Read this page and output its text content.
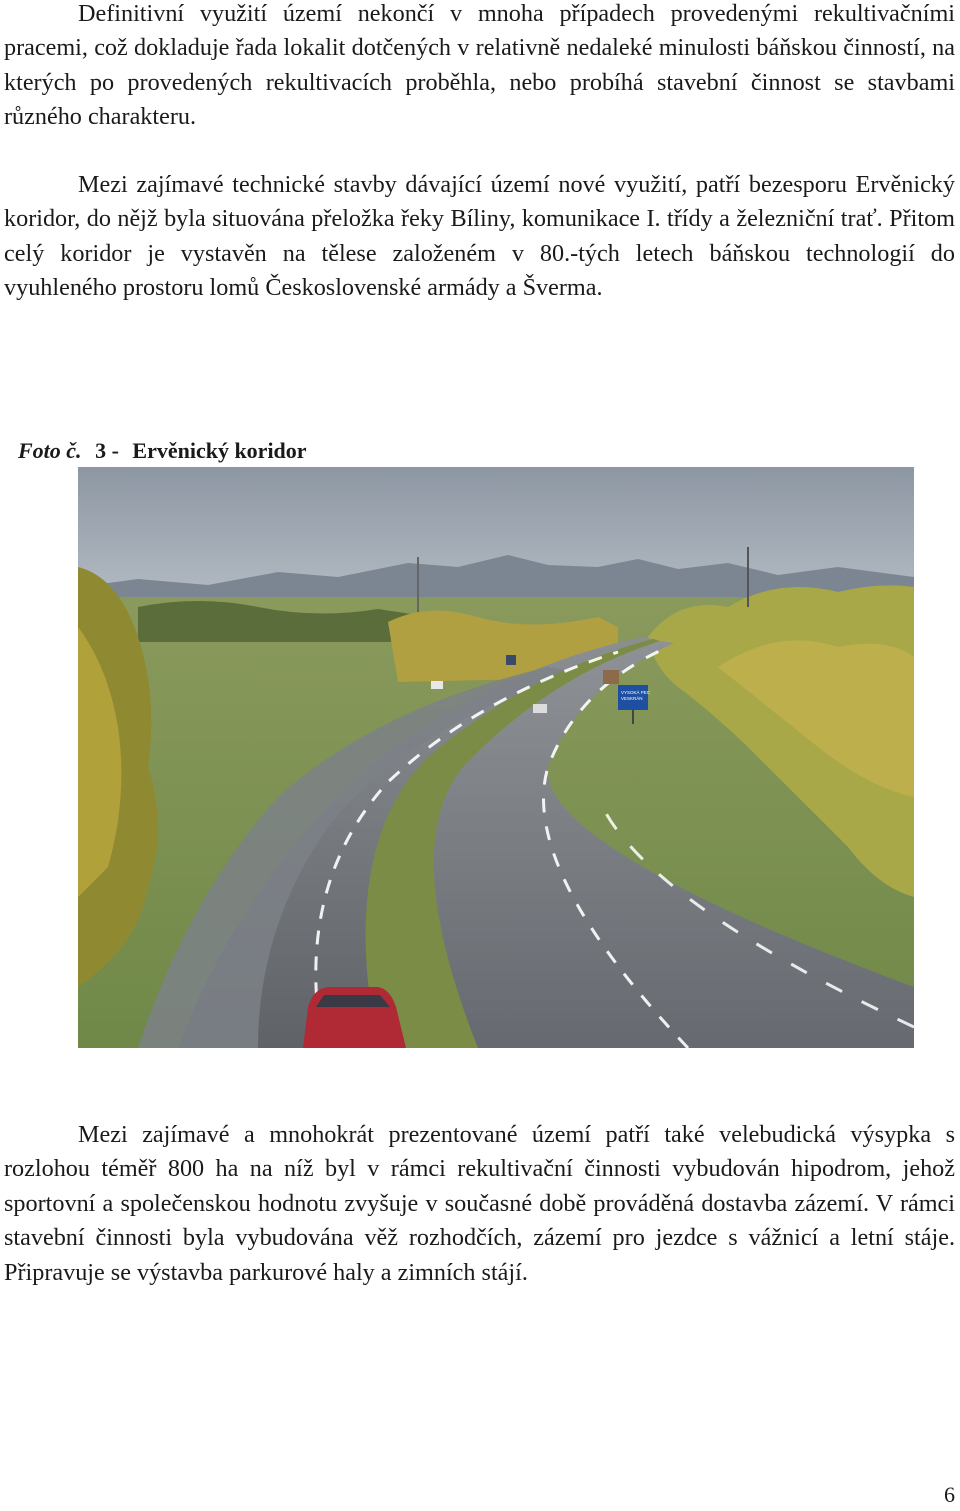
Definitivní využití území nekončí v mnoha případech provedenými rekultivačními pracemi, což dokladuje řada lokalit dotčených v relativně nedaleké minulosti báňskou činností, na kterých po provedených rekultivacích proběhla, nebo probíhá stavební činnost se stavbami různého charakteru.

Mezi zajímavé technické stavby dávající území nové využití, patří bezesporu Ervěnický koridor, do nějž byla situována přeložka řeky Bíliny, komunikace I. třídy a železniční trať. Přitom celý koridor je vystavěn na tělese založeném v 80.-tých letech báňskou technologií do vyuhleného prostoru lomů Československé armády a Šverma.

Foto č. 3 - Ervěnický koridor
VYSOKÁ PEC
VESKRÁN

Mezi zajímavé a mnohokrát prezentované území patří také velebudická výsypka s rozlohou téměř 800 ha na níž byl v rámci rekultivační činnosti vybudován hipodrom, jehož sportovní a společenskou hodnotu zvyšuje v současné době prováděná dostavba zázemí. V rámci stavební činnosti byla vybudována věž rozhodčích, zázemí pro jezdce s vážnicí a letní stáje. Připravuje se výstavba parkurové haly a zimních stájí.

6
